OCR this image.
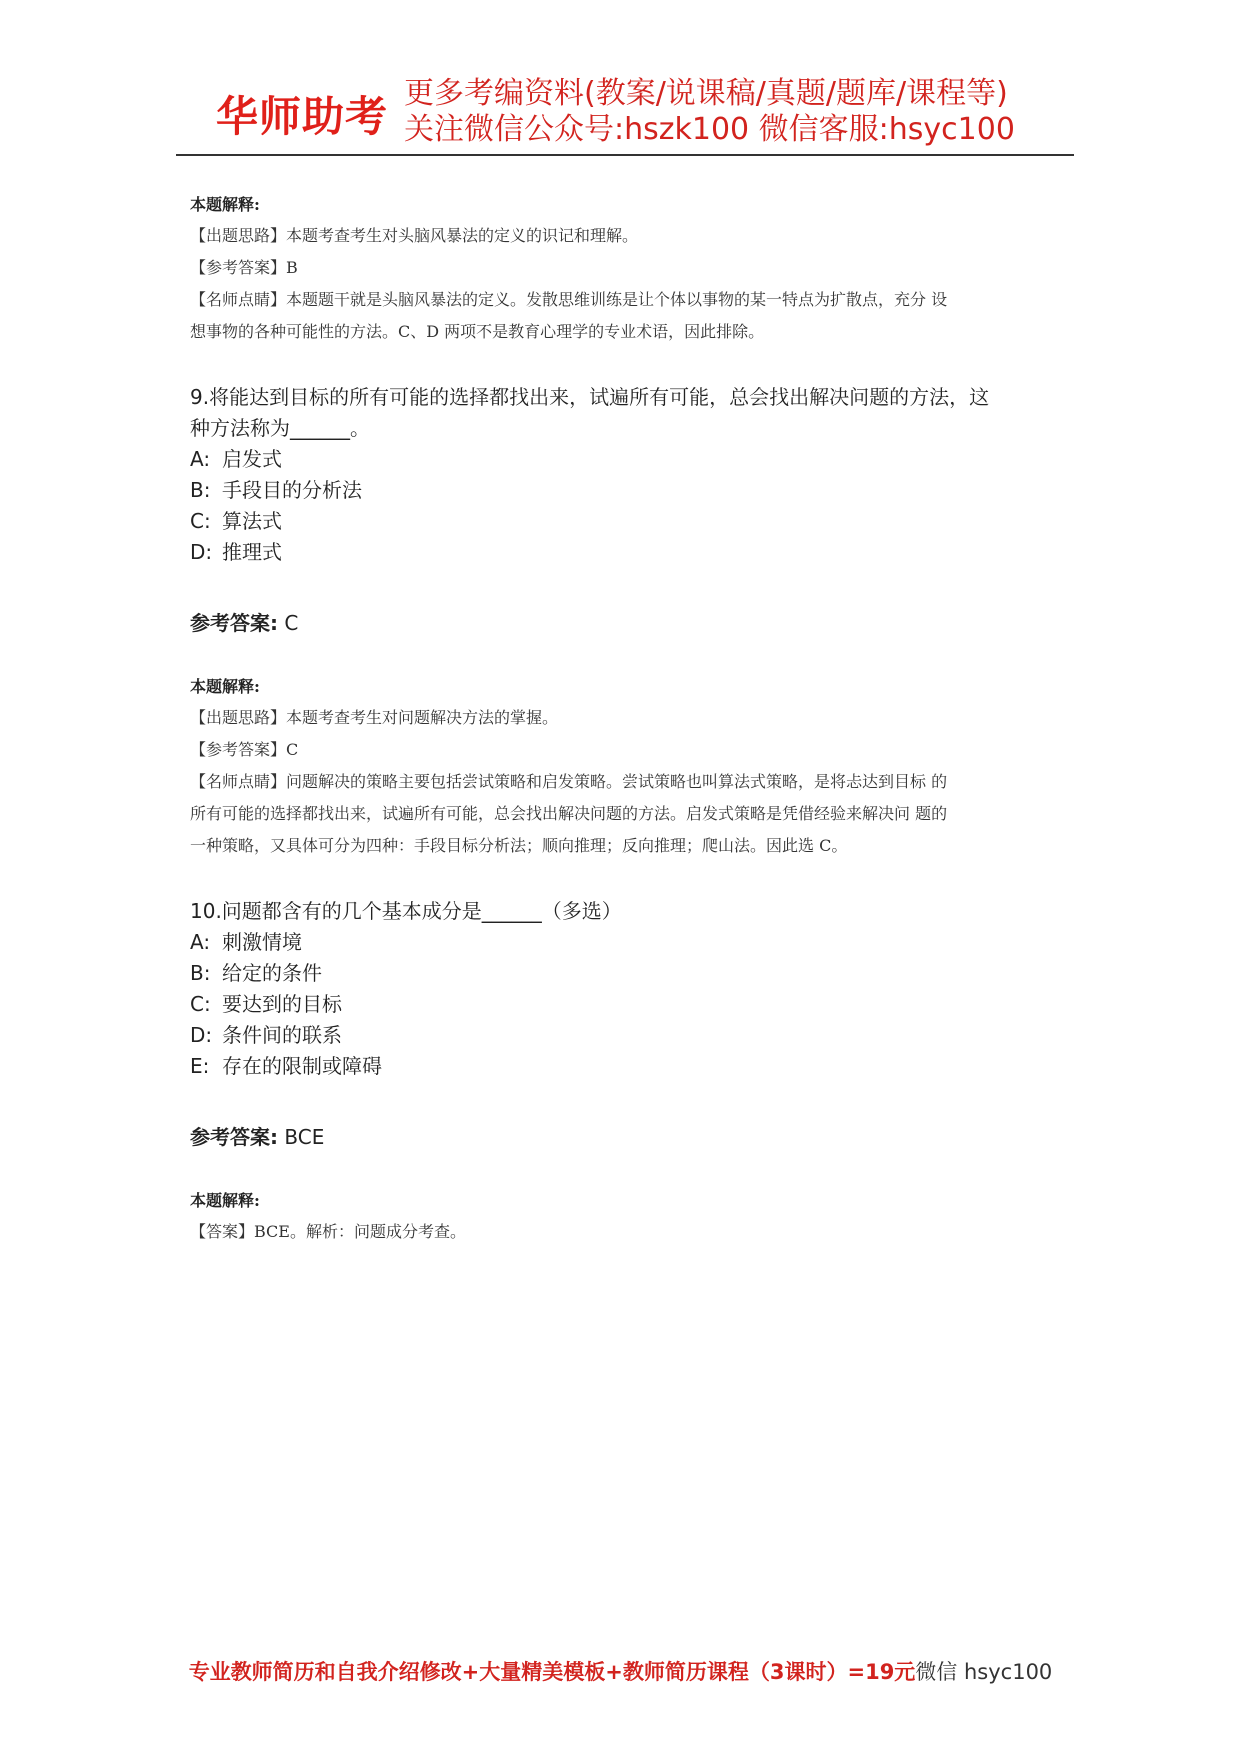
华师助考 更多考编资料(教案/说课稿/真题/题库/课程等)
关注微信公众号:hszk100 微信客服:hsyc100
本题解释:
【出题思路】本题考查考生对头脑风暴法的定义的识记和理解。
【参考答案】B
【名师点睛】本题题干就是头脑风暴法的定义。发散思维训练是让个体以事物的某一特点为扩散点，充分 设
想事物的各种可能性的方法。C、D 两项不是教育心理学的专业术语，因此排除。
9.将能达到目标的所有可能的选择都找出来，试遍所有可能，总会找出解决问题的方法，这
种方法称为______。
A: 启发式
B: 手段目的分析法
C: 算法式
D: 推理式
参考答案: C
本题解释:
【出题思路】本题考查考生对问题解决方法的掌握。
【参考答案】C
【名师点睛】问题解决的策略主要包括尝试策略和启发策略。尝试策略也叫算法式策略，是将忐达到目标 的
所有可能的选择都找出来，试遍所有可能，总会找出解决问题的方法。启发式策略是凭借经验来解决问 题的
一种策略，又具体可分为四种：手段目标分析法；顺向推理；反向推理；爬山法。因此选 C。
10.问题都含有的几个基本成分是______（多选）
A: 刺激情境
B: 给定的条件
C: 要达到的目标
D: 条件间的联系
E: 存在的限制或障碍
参考答案: BCE
本题解释:
【答案】BCE。解析：问题成分考查。
专业教师简历和自我介绍修改+大量精美模板+教师简历课程（3课时）=19元微信 hsyc100
